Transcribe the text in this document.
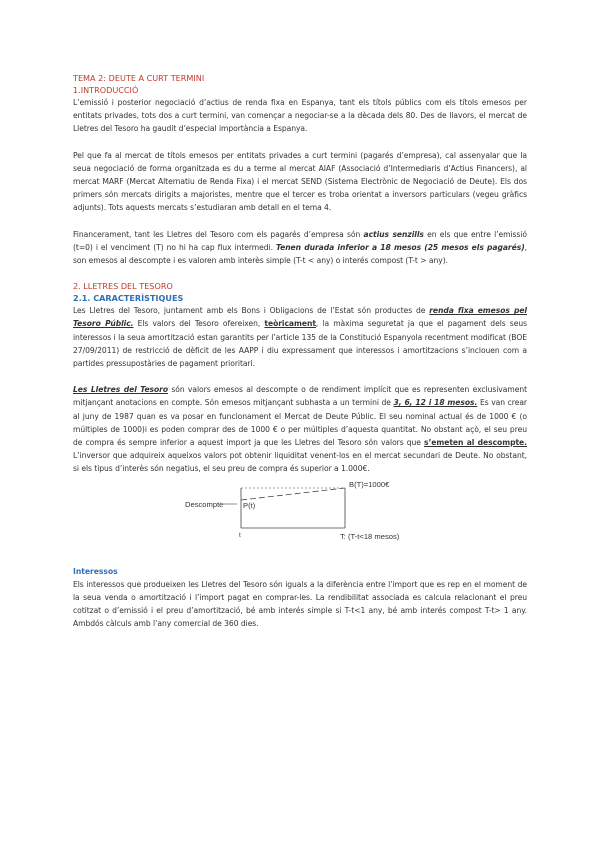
TEMA 2: DEUTE A CURT TERMINI
1.INTRODUCCIÓ

L’emissió i posterior negociació d’actius de renda fixa en Espanya, tant els títols públics com els títols emesos per entitats privades, tots dos a curt termini, van començar a negociar-se a la dècada dels 80. Des de llavors, el mercat de Lletres del Tesoro ha gaudit d’especial importància a Espanya.

Pel que fa al mercat de títols emesos per entitats privades a curt termini (pagarés d’empresa), cal assenyalar que la seua negociació de forma organitzada es du a terme al mercat AIAF (Associació d’Intermediaris d’Actius Financers), al mercat MARF (Mercat Alternatiu de Renda Fixa) i el mercat SEND (Sistema Electrònic de Negociació de Deute). Els dos primers són mercats dirigits a majoristes, mentre que el tercer es troba orientat a inversors particulars (vegeu gràfics adjunts). Tots aquests mercats s’estudiaran amb detall en el tema 4.

Financerament, tant les Lletres del Tesoro com els pagarés d’empresa són actius senzills en els que entre l’emissió (t=0) i el venciment (T) no hi ha cap flux intermedi. Tenen durada inferior a 18 mesos (25 mesos els pagarés), son emesos al descompte i es valoren amb interès simple (T-t < any) o interés compost (T-t > any).

2. LLETRES DEL TESORO
2.1. CARACTERÍSTIQUES

Les Lletres del Tesoro, juntament amb els Bons i Obligacions de l’Estat són productes de renda fixa emesos pel Tesoro Públic. Els valors del Tesoro ofereixen, teòricament, la màxima seguretat ja que el pagament dels seus interessos i la seua amortització estan garantits per l’article 135 de la Constitució Espanyola recentment modificat (BOE 27/09/2011) de restricció de dèficit de les AAPP i diu expressament que interessos i amortitzacions s’inclouen com a partides pressupostàries de pagament prioritari.

Les Lletres del Tesoro són valors emesos al descompte o de rendiment implícit que es representen exclusivament mitjançant anotacions en compte. Són emesos mitjançant subhasta a un termini de 3, 6, 12 i 18 mesos. Es van crear al juny de 1987 quan es va posar en funcionament el Mercat de Deute Públic. El seu nominal actual és de 1000 € (o múltiples de 1000)i es poden comprar des de 1000 € o per múltiples d’aquesta quantitat. No obstant açò, el seu preu de compra és sempre inferior a aquest import ja que les Lletres del Tesoro són valors que s’emeten al descompte. L’inversor que adquireix aqueixos valors pot obtenir liquiditat venent-los en el mercat secundari de Deute. No obstant, si els tipus d’interès són negatius, el seu preu de compra és superior a 1.000€.

Descompte	P(t)
B(T)=1000€
t	T: (T-t<18 mesos)
Interessos

Els interessos que produeixen les Lletres del Tesoro són iguals a la diferència entre l’import que es rep en el moment de la seua venda o amortització i l’import pagat en comprar-les. La rendibilitat associada es calcula relacionant el preu cotitzat o d’emissió i el preu d’amortització, bé amb interés simple si T-t<1 any, bé amb interés compost T-t> 1 any. Ambdós càlculs amb l’any comercial de 360 dies.
